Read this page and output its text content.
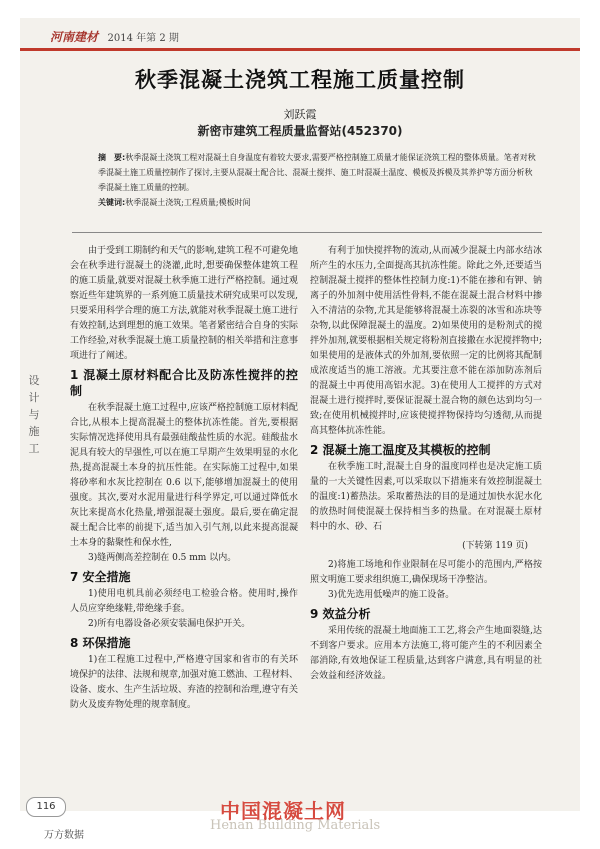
河南建材 2014 年第 2 期
秋季混凝土浇筑工程施工质量控制
刘跃霞
新密市建筑工程质量监督站(452370)
摘　要:秋季混凝土浇筑工程对混凝土自身温度有着较大要求,需要严格控制施工质量才能保证浇筑工程的整体质量。笔者对秋季混凝土施工质量控制作了探讨,主要从混凝土配合比、混凝土搅拌、施工时混凝土温度、模板及拆模及其养护等方面分析秋季混凝土施工质量的控制。
关键词:秋季混凝土浇筑;工程质量;模板时间
设
计
与
施
工

由于受到工期制约和天气的影响,建筑工程不可避免地会在秋季进行混凝土的浇灌,此时,想要确保整体建筑工程的施工质量,就要对混凝土秋季施工进行严格控制。通过观察近些年建筑界的一系列施工质量技术研究成果可以发现,只要采用科学合理的施工方法,就能对秋季混凝土施工进行有效控制,达到理想的施工效果。笔者紧密结合自身的实际工作经验,对秋季混凝土施工质量控制的相关举措和注意事项进行了阐述。

1 混凝土原材料配合比及防冻性搅拌的控制

在秋季混凝土施工过程中,应该严格控制施工原材料配合比,从根本上提高混凝土的整体抗冻性能。首先,要根据实际情况选择使用具有最强硅酸盐性质的水泥。硅酸盐水泥具有较大的早强性,可以在施工早期产生效果明显的水化热,提高混凝土本身的抗压性能。在实际施工过程中,如果将砂率和水灰比控制在 0.6 以下,能够增加混凝土的使用强度。其次,要对水泥用量进行科学界定,可以通过降低水灰比来提高水化热量,增强混凝土强度。最后,要在确定混凝土配合比率的前提下,适当加入引气剂,以此来提高混凝土本身的黏聚性和保水性,

3)缝两侧高差控制在 0.5 mm 以内。

7 安全措施

1)使用电机具前必须经电工检验合格。使用时,操作人员应穿绝缘鞋,带绝缘手套。

2)所有电器设备必须安装漏电保护开关。

8 环保措施

1)在工程施工过程中,严格遵守国家和省市的有关环境保护的法律、法规和规章,加强对施工燃油、工程材料、设备、废水、生产生活垃圾、弃渣的控制和治理,遵守有关防火及废弃物处理的规章制度。

有利于加快搅拌物的流动,从而减少混凝土内部水结冰所产生的水压力,全面提高其抗冻性能。除此之外,还要适当控制混凝土搅拌的整体性控制力度:1)不能在掺和有钾、钠离子的外加剂中使用活性骨料,不能在混凝土混合材料中掺入不清洁的杂物,尤其是能够将混凝土冻裂的冰雪和冻块等杂物,以此保障混凝土的温度。2)如果使用的是粉剂式的搅拌外加剂,就要根据相关规定将粉剂直接撒在水泥搅拌物中;如果使用的是液体式的外加剂,要依照一定的比例将其配制成浓度适当的施工溶液。尤其要注意不能在添加防冻剂后的混凝土中再使用高铝水泥。3)在使用人工搅拌的方式对混凝土进行搅拌时,要保证混凝土混合物的颜色达到均匀一致;在使用机械搅拌时,应该使搅拌物保持均匀透彻,从而提高其整体抗冻性能。

2 混凝土施工温度及其模板的控制

在秋季施工时,混凝土自身的温度同样也是决定施工质量的一大关键性因素,可以采取以下措施来有效控制混凝土的温度:1)蓄热法。采取蓄热法的目的是通过加快水泥水化的放热时间使混凝土保持相当多的热量。在对混凝土原材料中的水、砂、石

(下转第 119 页)

2)将施工场地和作业限制在尽可能小的范围内,严格按照文明施工要求组织施工,确保现场干净整洁。

3)优先选用低噪声的施工设备。

9 效益分析

采用传统的混凝土地面施工工艺,将会产生地面裂缝,达不到客户要求。应用本方法施工,将可能产生的不利因素全部消除,有效地保证工程质量,达到客户满意,具有明显的社会效益和经济效益。

116	中国混凝土网
Henan Building Materials
万方数据
